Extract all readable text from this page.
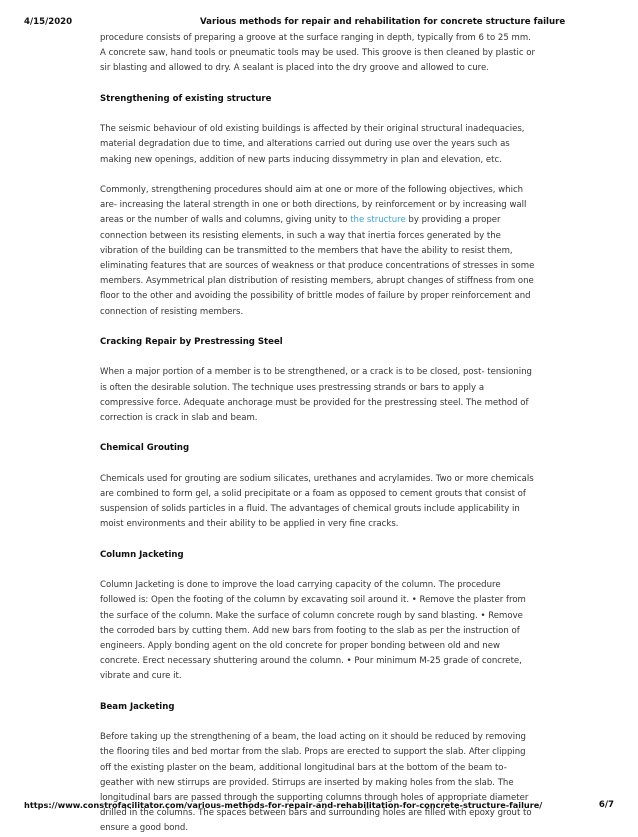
4/15/2020	Various methods for repair and rehabilitation for concrete structure failure

procedure consists of preparing a groove at the surface ranging in depth, typically from 6 to 25 mm.

A concrete saw, hand tools or pneumatic tools may be used. This groove is then cleaned by plastic or

sir blasting and allowed to dry. A sealant is placed into the dry groove and allowed to cure.

Strengthening of existing structure

The seismic behaviour of old existing buildings is affected by their original structural inadequacies,

material degradation due to time, and alterations carried out during use over the years such as

making new openings, addition of new parts inducing dissymmetry in plan and elevation, etc.

Commonly, strengthening procedures should aim at one or more of the following objectives, which

are- increasing the lateral strength in one or both directions, by reinforcement or by increasing wall

areas or the number of walls and columns, giving unity to the structure by providing a proper

connection between its resisting elements, in such a way that inertia forces generated by the

vibration of the building can be transmitted to the members that have the ability to resist them,

eliminating features that are sources of weakness or that produce concentrations of stresses in some

members. Asymmetrical plan distribution of resisting members, abrupt changes of stiffness from one

floor to the other and avoiding the possibility of brittle modes of failure by proper reinforcement and

connection of resisting members.

Cracking Repair by Prestressing Steel

When a major portion of a member is to be strengthened, or a crack is to be closed, post- tensioning

is often the desirable solution. The technique uses prestressing strands or bars to apply a

compressive force. Adequate anchorage must be provided for the prestressing steel. The method of

correction is crack in slab and beam.

Chemical Grouting

Chemicals used for grouting are sodium silicates, urethanes and acrylamides. Two or more chemicals

are combined to form gel, a solid precipitate or a foam as opposed to cement grouts that consist of

suspension of solids particles in a fluid. The advantages of chemical grouts include applicability in

moist environments and their ability to be applied in very fine cracks.

Column Jacketing

Column Jacketing is done to improve the load carrying capacity of the column. The procedure

followed is: Open the footing of the column by excavating soil around it. • Remove the plaster from

the surface of the column. Make the surface of column concrete rough by sand blasting. • Remove

the corroded bars by cutting them. Add new bars from footing to the slab as per the instruction of

engineers. Apply bonding agent on the old concrete for proper bonding between old and new

concrete. Erect necessary shuttering around the column. • Pour minimum M-25 grade of concrete,

vibrate and cure it.

Beam Jacketing

Before taking up the strengthening of a beam, the load acting on it should be reduced by removing

the flooring tiles and bed mortar from the slab. Props are erected to support the slab. After clipping

off the existing plaster on the beam, additional longitudinal bars at the bottom of the beam to-

geather with new stirrups are provided. Stirrups are inserted by making holes from the slab. The

longitudinal bars are passed through the supporting columns through holes of appropriate diameter

drilled in the columns. The spaces between bars and surrounding holes are filled with epoxy grout to

ensure a good bond.

https://www.constrofacilitator.com/various-methods-for-repair-and-rehabilitation-for-concrete-structure-failure/	6/7
